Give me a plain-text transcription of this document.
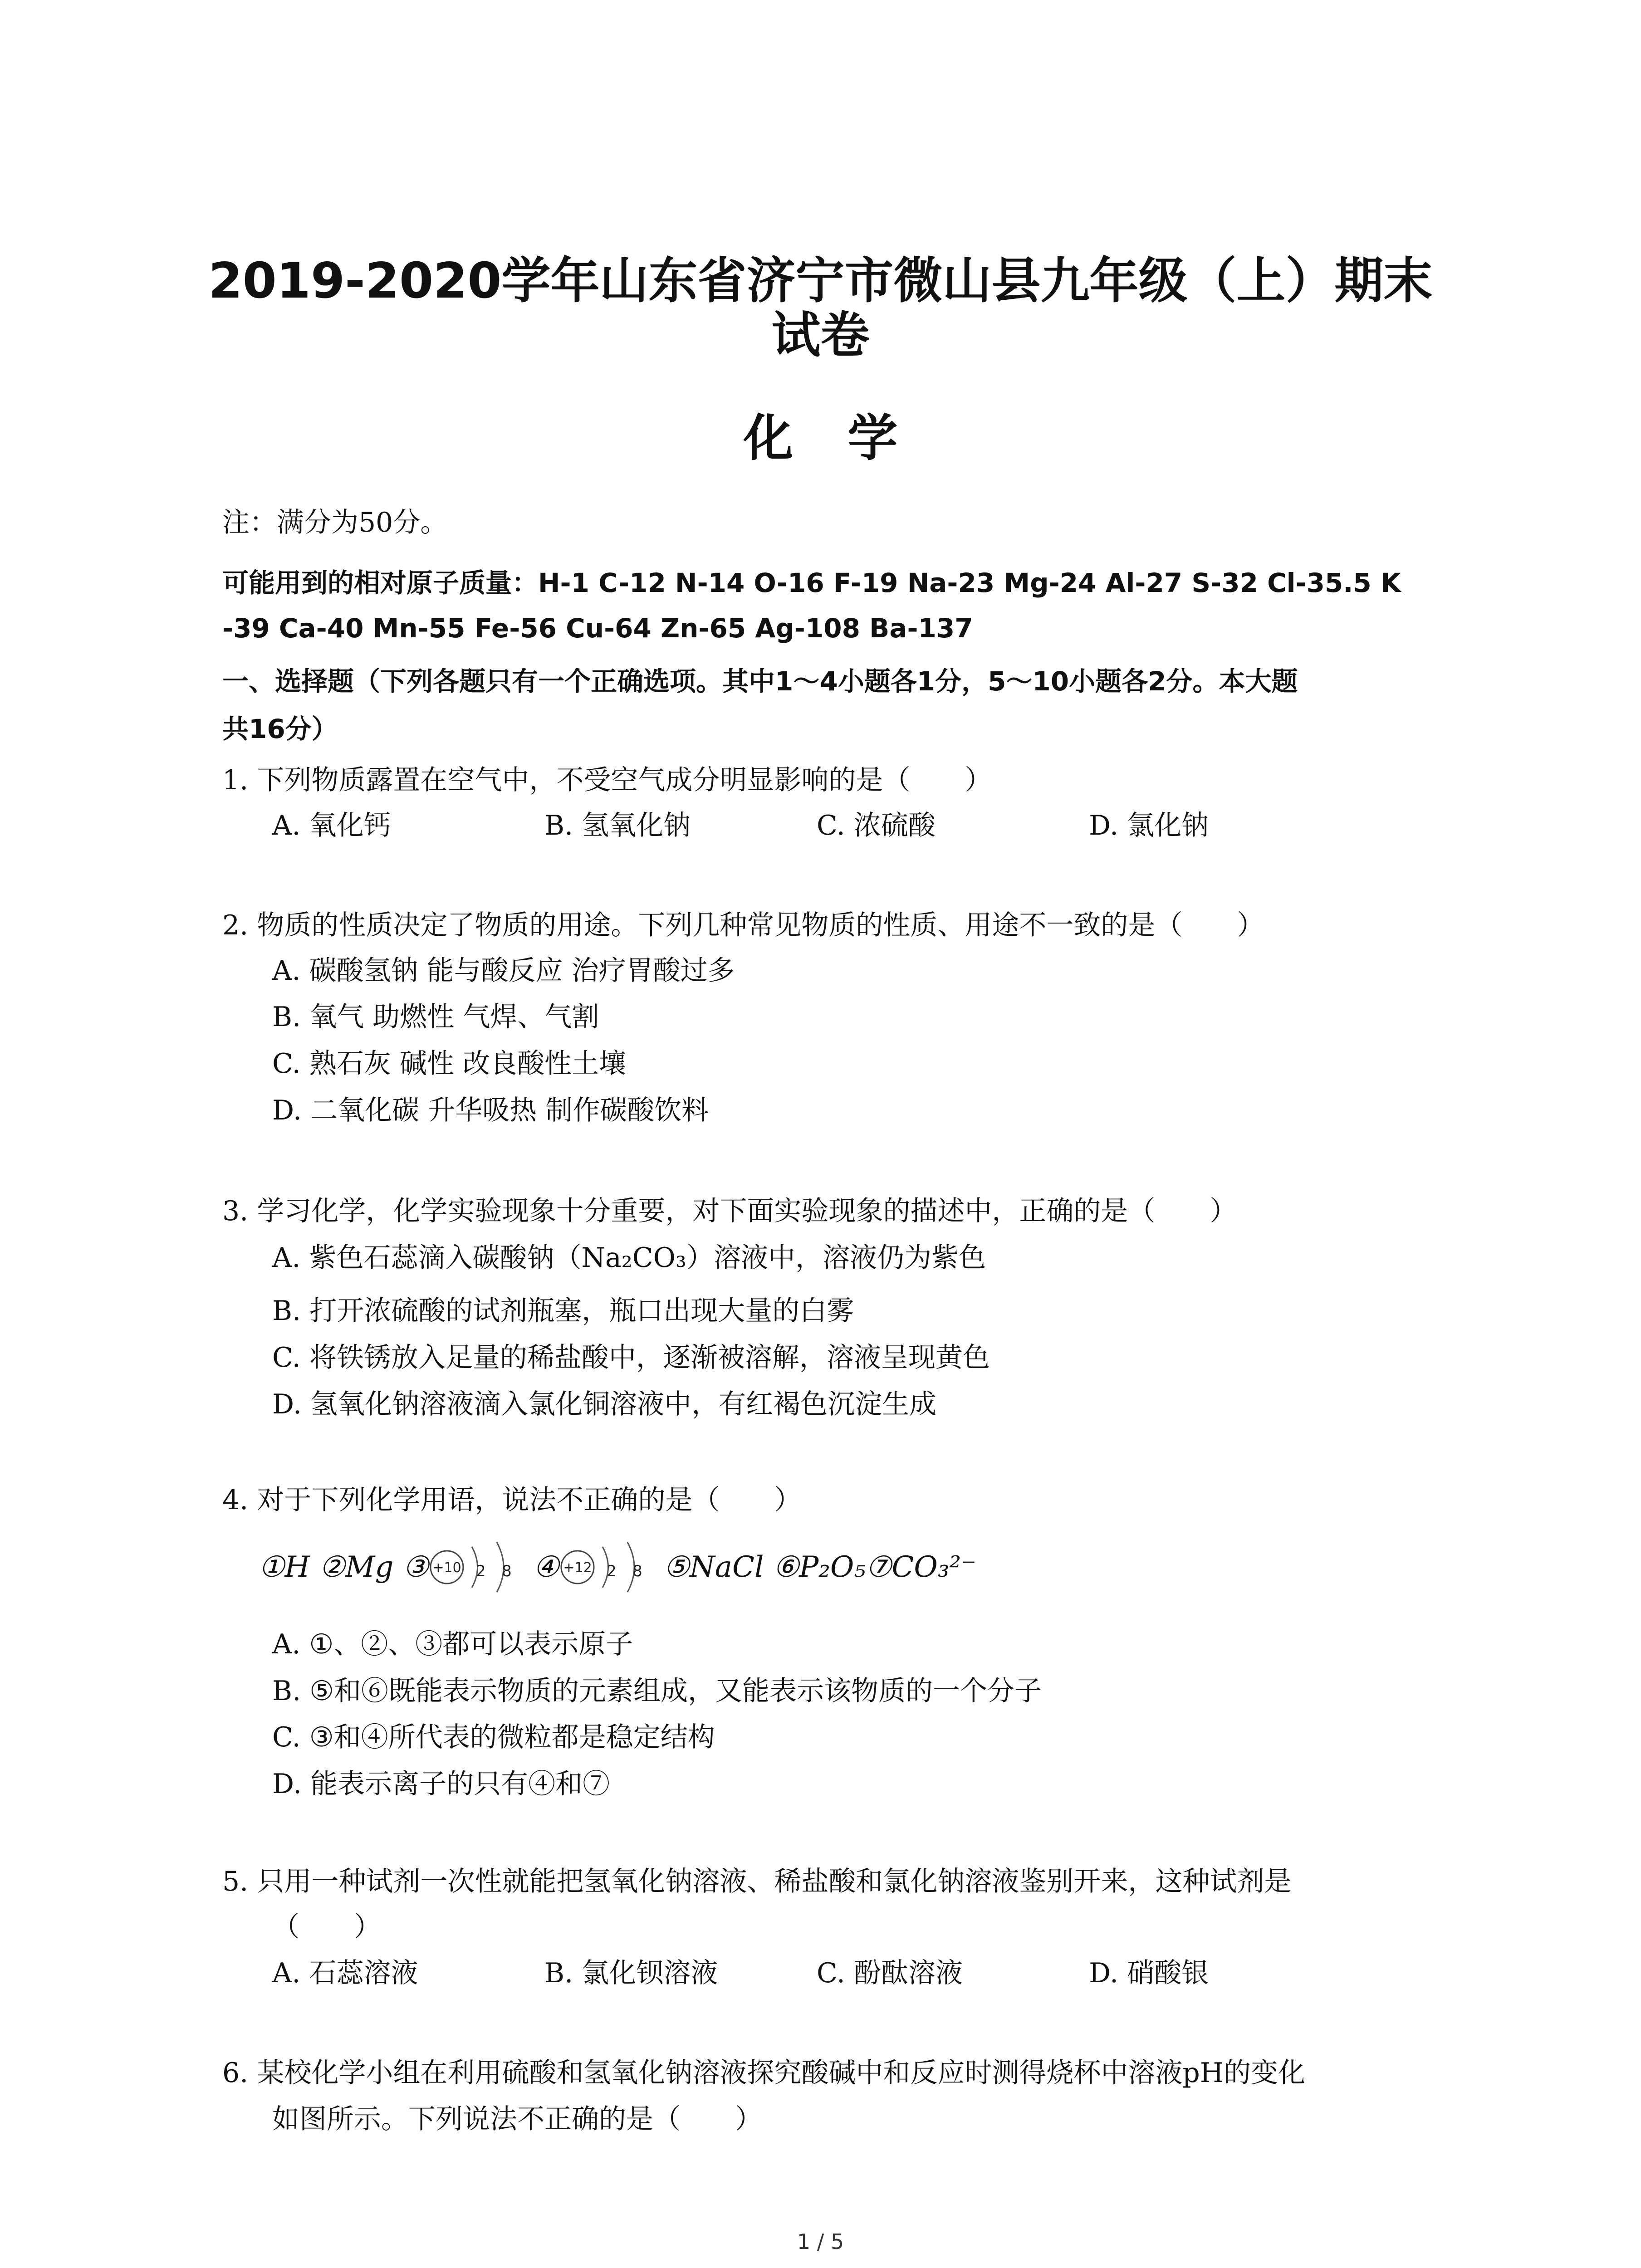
2019-2020学年山东省济宁市微山县九年级（上）期末
试卷
化学
注：满分为50分。
可能用到的相对原子质量：H-1 C-12 N-14 O-16 F-19 Na-23 Mg-24 Al-27 S-32 Cl-35.5 K
-39 Ca-40 Mn-55 Fe-56 Cu-64 Zn-65 Ag-108 Ba-137
一、选择题（下列各题只有一个正确选项。其中1～4小题各1分，5～10小题各2分。本大题
共16分）
1. 下列物质露置在空气中，不受空气成分明显影响的是（　　）
A. 氧化钙	B. 氢氧化钠	C. 浓硫酸	D. 氯化钠
2. 物质的性质决定了物质的用途。下列几种常见物质的性质、用途不一致的是（　　）
A. 碳酸氢钠 能与酸反应 治疗胃酸过多
B. 氧气 助燃性 气焊、气割
C. 熟石灰 碱性 改良酸性土壤
D. 二氧化碳 升华吸热 制作碳酸饮料
3. 学习化学，化学实验现象十分重要，对下面实验现象的描述中，正确的是（　　）
A. 紫色石蕊滴入碳酸钠（Na₂CO₃）溶液中，溶液仍为紫色
B. 打开浓硫酸的试剂瓶塞，瓶口出现大量的白雾
C. 将铁锈放入足量的稀盐酸中，逐渐被溶解，溶液呈现黄色
D. 氢氧化钠溶液滴入氯化铜溶液中，有红褐色沉淀生成
4. 对于下列化学用语，说法不正确的是（　　）
①H ②Mg ③ +10 2 8 ④ +12 2 8 ⑤NaCl ⑥P₂O₅⑦CO₃²⁻
A. ①、②、③都可以表示原子
B. ⑤和⑥既能表示物质的元素组成，又能表示该物质的一个分子
C. ③和④所代表的微粒都是稳定结构
D. 能表示离子的只有④和⑦
5. 只用一种试剂一次性就能把氢氧化钠溶液、稀盐酸和氯化钠溶液鉴别开来，这种试剂是
（　　）
A. 石蕊溶液	B. 氯化钡溶液	C. 酚酞溶液	D. 硝酸银
6. 某校化学小组在利用硫酸和氢氧化钠溶液探究酸碱中和反应时测得烧杯中溶液pH的变化
如图所示。下列说法不正确的是（　　）
1 / 5
